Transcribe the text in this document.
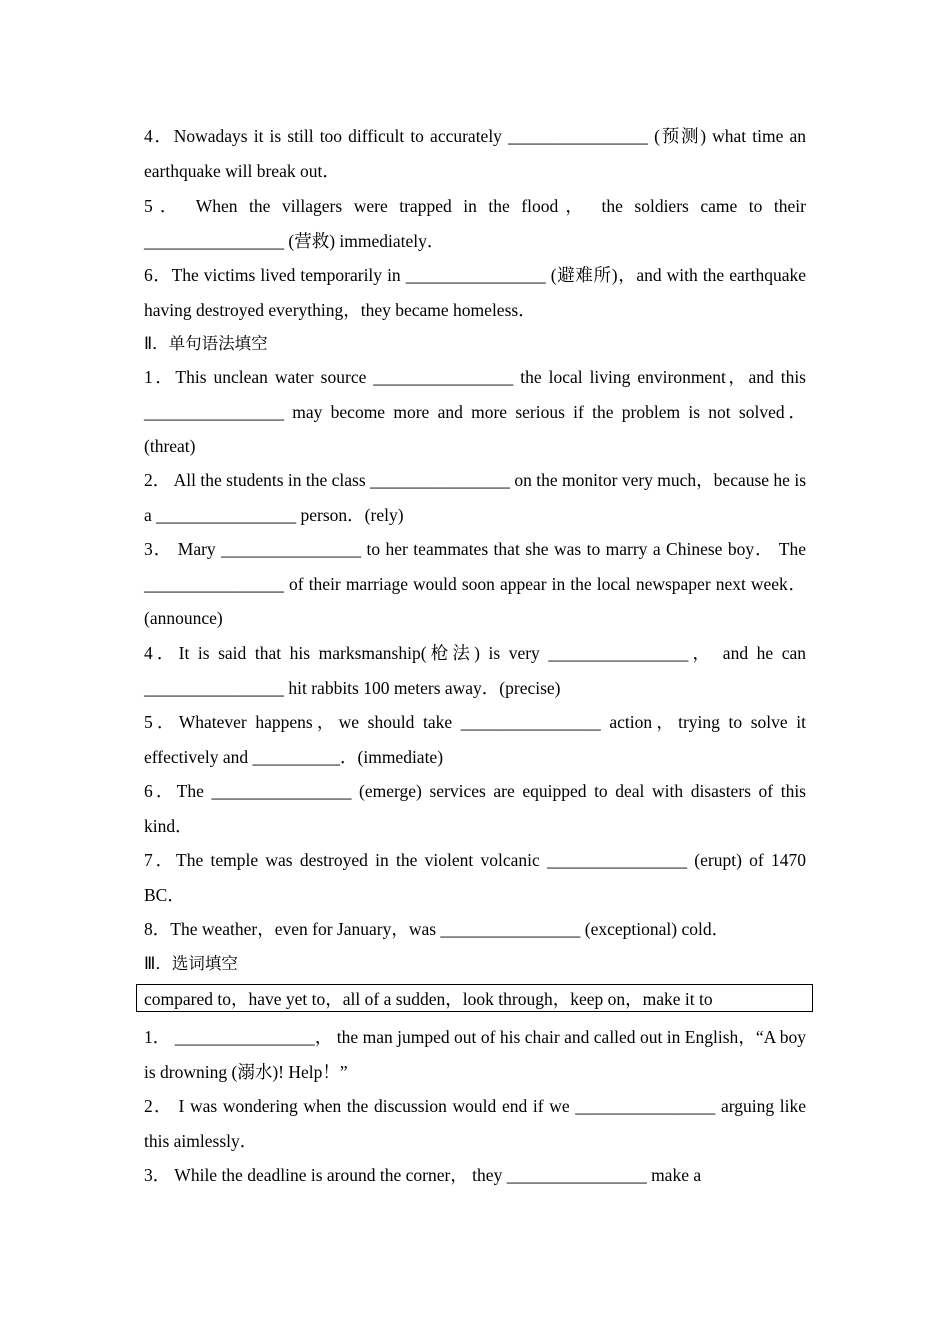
4．Nowadays it is still too difficult to accurately ________________ (预测) what time an earthquake will break out．
5． When the villagers were trapped in the flood， the soldiers came to their ________________ (营救) immediately．
6．The victims lived temporarily in ________________ (避难所)，and with the earthquake having destroyed everything，they became homeless．
Ⅱ．单句语法填空
1．This unclean water source ________________ the local living environment，and this ________________ may become more and more serious if the problem is not solved．(threat)
2． All the students in the class ________________ on the monitor very much，because he is a ________________ person．(rely)
3． Mary ________________ to her teammates that she was to marry a Chinese boy． The ________________ of their marriage would soon appear in the local newspaper next week．(announce)
4．It is said that his marksmanship(枪法) is very ________________， and he can ________________ hit rabbits 100 meters away．(precise)
5．Whatever happens，we should take ________________ action，trying to solve it effectively and __________．(immediate)
6．The ________________ (emerge) services are equipped to deal with disasters of this kind．
7．The temple was destroyed in the violent volcanic ________________ (erupt) of 1470 BC．
8．The weather，even for January，was ________________ (exceptional) cold．
Ⅲ．选词填空
compared to，have yet to，all of a sudden，look through，keep on，make it to
1． ________________， the man jumped out of his chair and called out in English，“A boy is drowning (溺水)! Help！”
2． I was wondering when the discussion would end if we ________________ arguing like this aimlessly．
3． While the deadline is around the corner， they ________________ make a
